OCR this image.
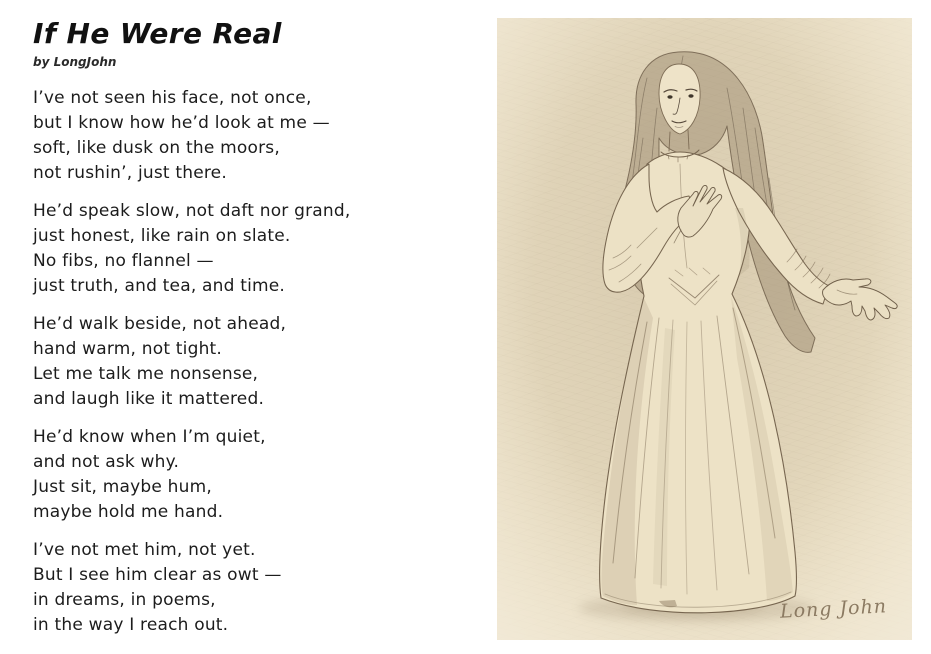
If He Were Real
by LongJohn
I’ve not seen his face, not once,
but I know how he’d look at me —
soft, like dusk on the moors,
not rushin’, just there.
He’d speak slow, not daft nor grand,
just honest, like rain on slate.
No fibs, no flannel —
just truth, and tea, and time.
He’d walk beside, not ahead,
hand warm, not tight.
Let me talk me nonsense,
and laugh like it mattered.
He’d know when I’m quiet,
and not ask why.
Just sit, maybe hum,
maybe hold me hand.
I’ve not met him, not yet.
But I see him clear as owt —
in dreams, in poems,
in the way I reach out.
Long John
